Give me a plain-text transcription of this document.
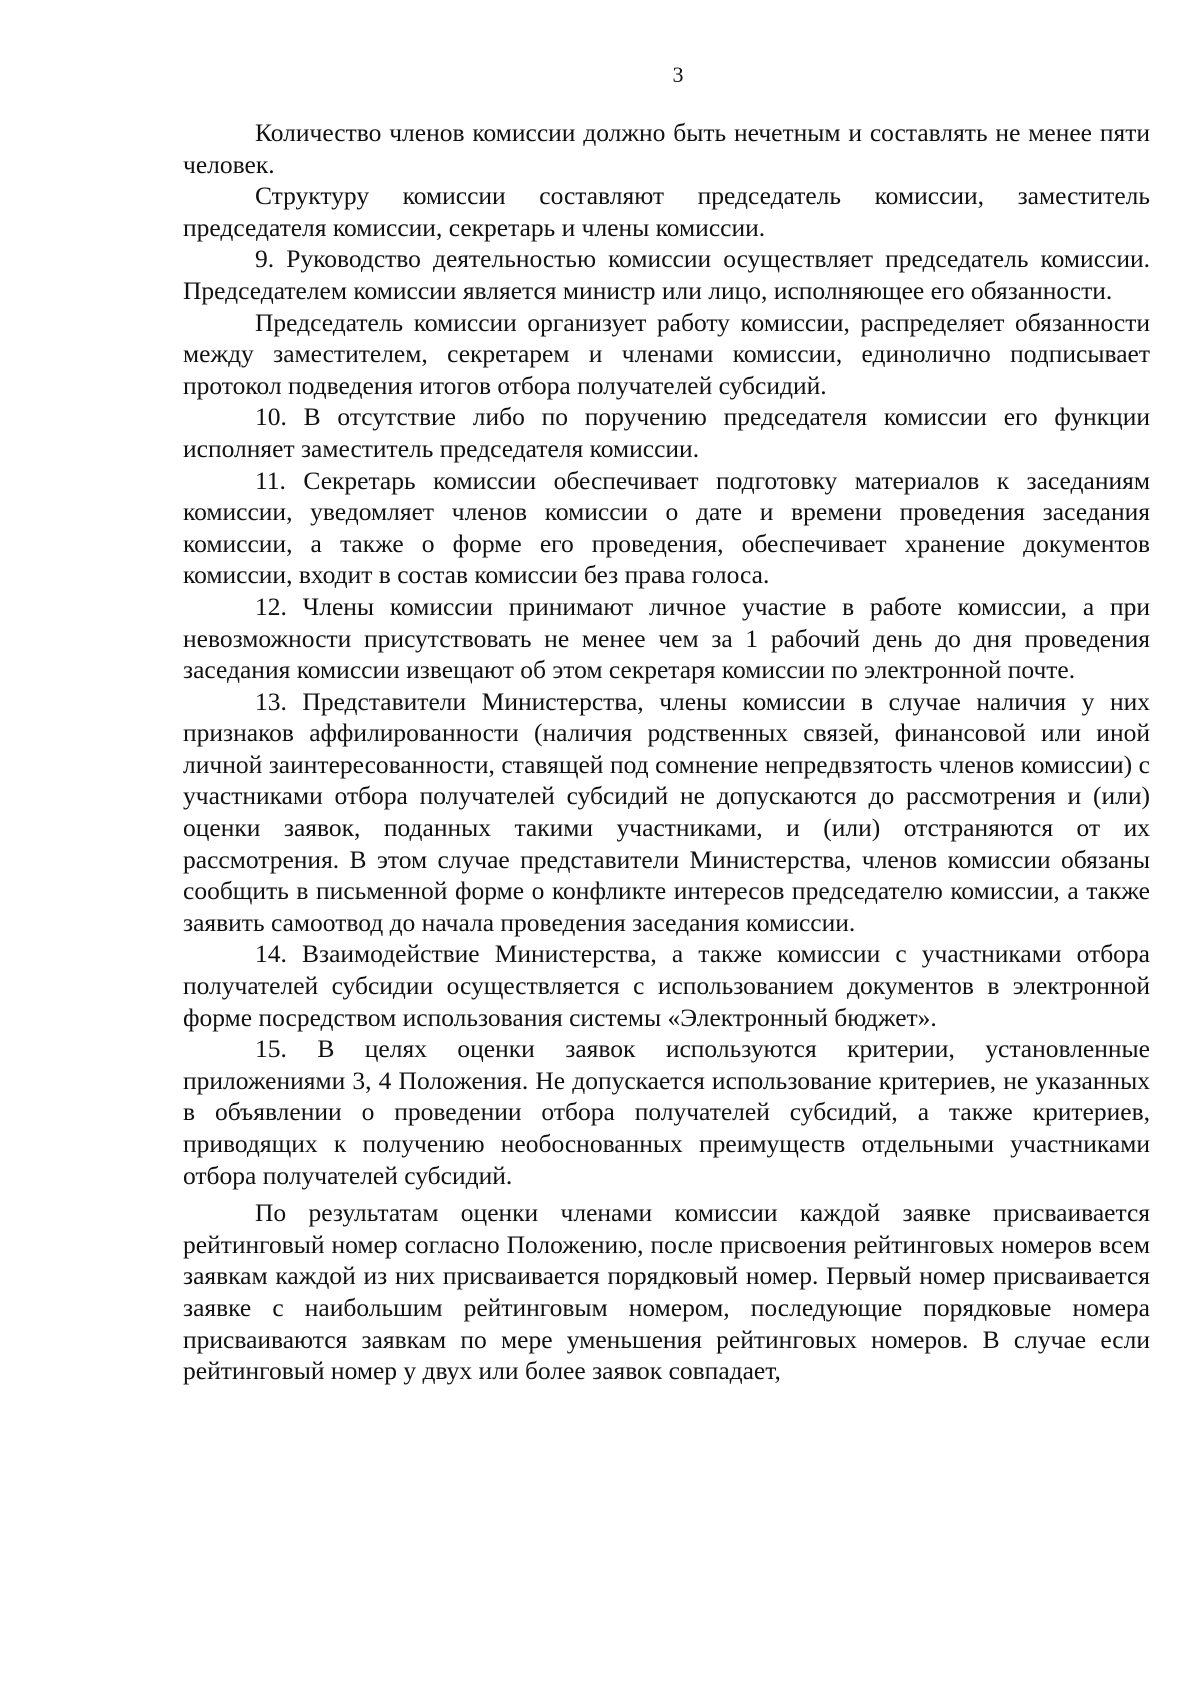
3

Количество членов комиссии должно быть нечетным и составлять не менее пяти человек.

Структуру комиссии составляют председатель комиссии, заместитель председателя комиссии, секретарь и члены комиссии.

9. Руководство деятельностью комиссии осуществляет председатель комиссии. Председателем комиссии является министр или лицо, исполняющее его обязанности.

Председатель комиссии организует работу комиссии, распределяет обязанности между заместителем, секретарем и членами комиссии, единолично подписывает протокол подведения итогов отбора получателей субсидий.

10. В отсутствие либо по поручению председателя комиссии его функции исполняет заместитель председателя комиссии.

11. Секретарь комиссии обеспечивает подготовку материалов к заседаниям комиссии, уведомляет членов комиссии о дате и времени проведения заседания комиссии, а также о форме его проведения, обеспечивает хранение документов комиссии, входит в состав комиссии без права голоса.

12. Члены комиссии принимают личное участие в работе комиссии, а при невозможности присутствовать не менее чем за 1 рабочий день до дня проведения заседания комиссии извещают об этом секретаря комиссии по электронной почте.

13. Представители Министерства, члены комиссии в случае наличия у них признаков аффилированности (наличия родственных связей, финансовой или иной личной заинтересованности, ставящей под сомнение непредвзятость членов комиссии) с участниками отбора получателей субсидий не допускаются до рассмотрения и (или) оценки заявок, поданных такими участниками, и (или) отстраняются от их рассмотрения. В этом случае представители Министерства, членов комиссии обязаны сообщить в письменной форме о конфликте интересов председателю комиссии, а также заявить самоотвод до начала проведения заседания комиссии.

14. Взаимодействие Министерства, а также комиссии с участниками отбора получателей субсидии осуществляется с использованием документов в электронной форме посредством использования системы «Электронный бюджет».

15. В целях оценки заявок используются критерии, установленные приложениями 3, 4 Положения. Не допускается использование критериев, не указанных в объявлении о проведении отбора получателей субсидий, а также критериев, приводящих к получению необоснованных преимуществ отдельными участниками отбора получателей субсидий.

По результатам оценки членами комиссии каждой заявке присваивается рейтинговый номер согласно Положению, после присвоения рейтинговых номеров всем заявкам каждой из них присваивается порядковый номер. Первый номер присваивается заявке с наибольшим рейтинговым номером, последующие порядковые номера присваиваются заявкам по мере уменьшения рейтинговых номеров. В случае если рейтинговый номер у двух или более заявок совпадает,
